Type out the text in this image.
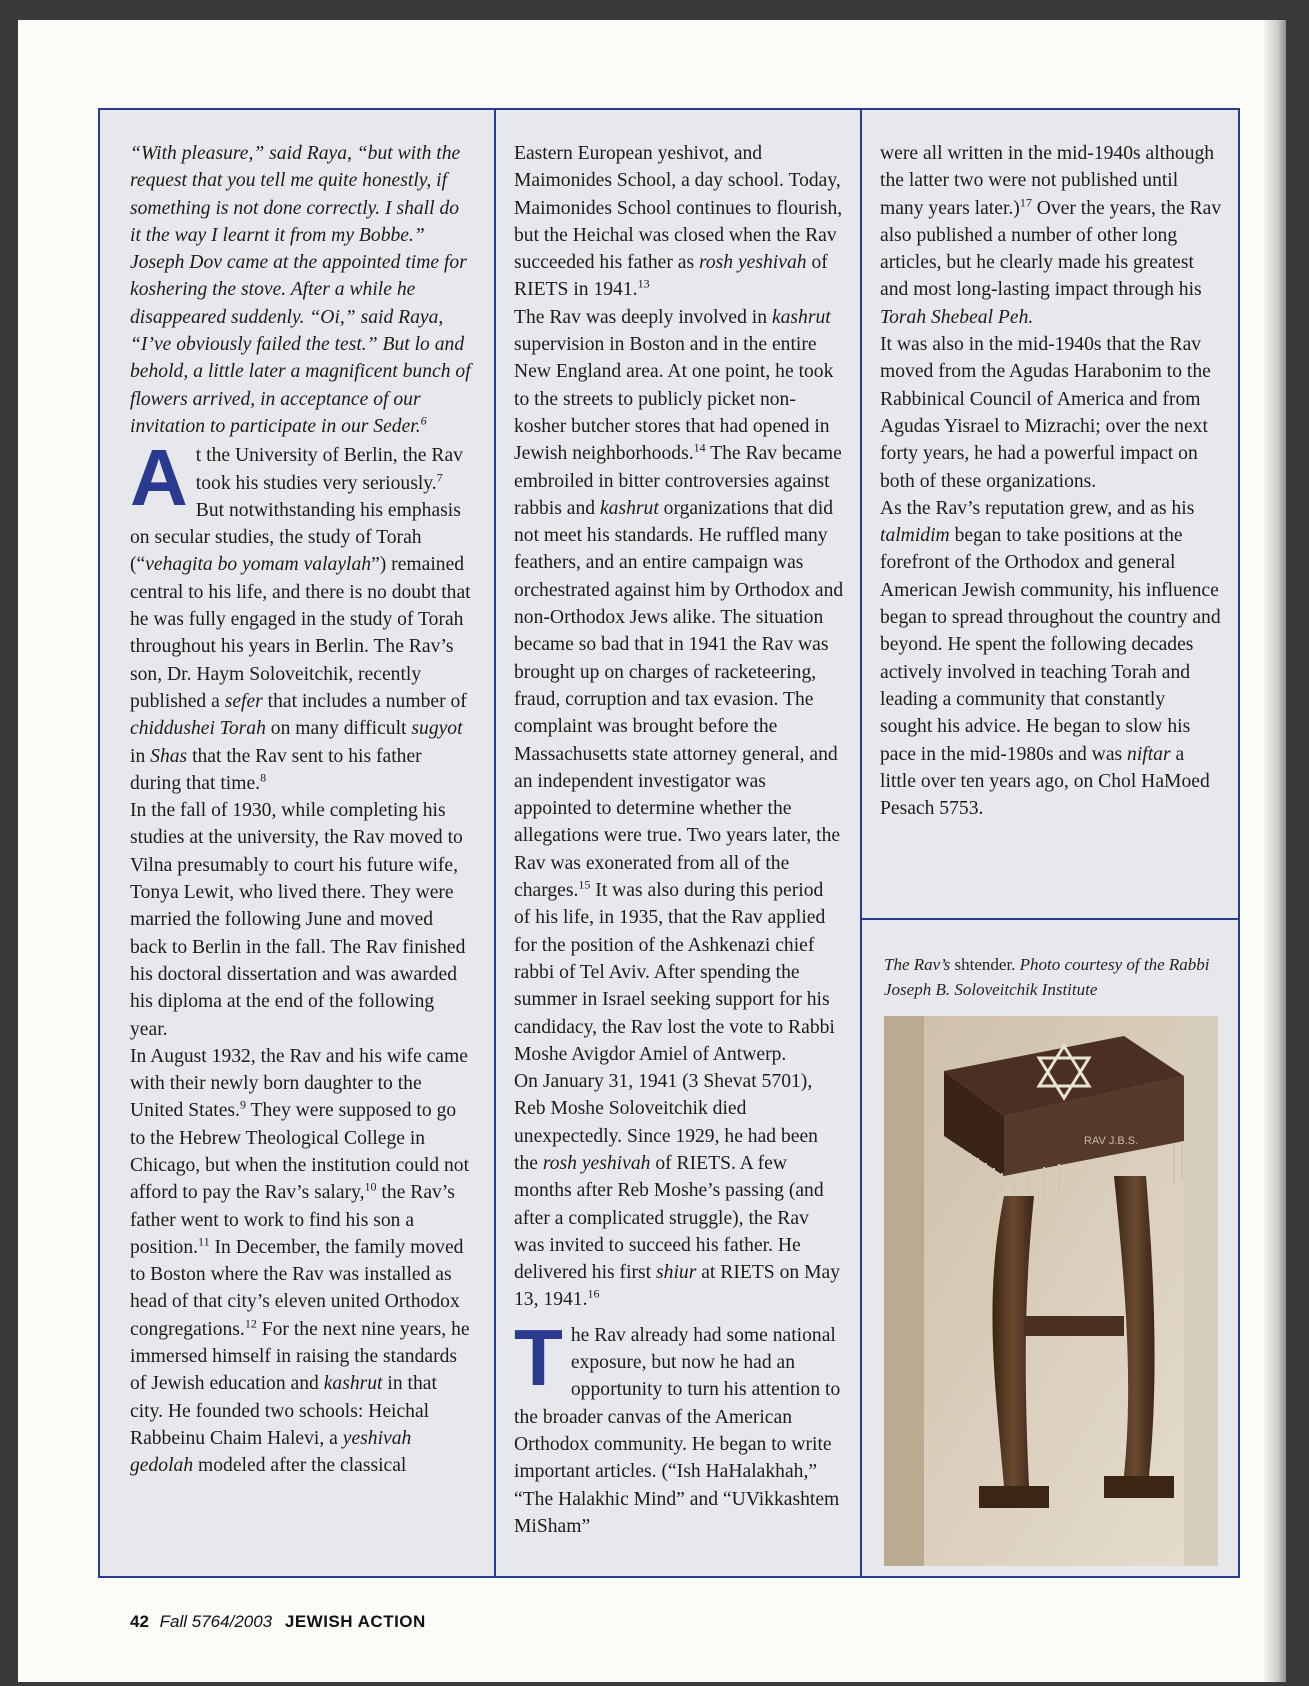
“With pleasure,” said Raya, “but with the request that you tell me quite honestly, if something is not done correctly. I shall do it the way I learnt it from my Bobbe.” Joseph Dov came at the appointed time for koshering the stove. After a while he disappeared suddenly. “Oi,” said Raya, “I’ve obviously failed the test.” But lo and behold, a little later a magnificent bunch of flowers arrived, in acceptance of our invitation to participate in our Seder.$^6$

At the University of Berlin, the Rav took his studies very seriously.$^7$ But notwithstanding his emphasis on secular studies, the study of Torah (“vehagita bo yomam valaylah”) remained central to his life, and there is no doubt that he was fully engaged in the study of Torah throughout his years in Berlin. The Rav’s son, Dr. Haym Soloveitchik, recently published a sefer that includes a number of chiddushei Torah on many difficult sugyot in Shas that the Rav sent to his father during that time.$^8$

In the fall of 1930, while completing his studies at the university, the Rav moved to Vilna presumably to court his future wife, Tonya Lewit, who lived there. They were married the following June and moved back to Berlin in the fall. The Rav finished his doctoral dissertation and was awarded his diploma at the end of the following year.

In August 1932, the Rav and his wife came with their newly born daughter to the United States.$^9$ They were supposed to go to the Hebrew Theological College in Chicago, but when the institution could not afford to pay the Rav’s salary,$^{10}$ the Rav’s father went to work to find his son a position.$^{11}$ In December, the family moved to Boston where the Rav was installed as head of that city’s eleven united Orthodox congregations.$^{12}$ For the next nine years, he immersed himself in raising the standards of Jewish education and kashrut in that city. He founded two schools: Heichal Rabbeinu Chaim Halevi, a yeshivah gedolah modeled after the classical

Eastern European yeshivot, and Maimonides School, a day school. Today, Maimonides School continues to flourish, but the Heichal was closed when the Rav succeeded his father as rosh yeshivah of RIETS in 1941.13

The Rav was deeply involved in kashrut supervision in Boston and in the entire New England area. At one point, he took to the streets to publicly picket non-kosher butcher stores that had opened in Jewish neighborhoods.$^{14}$ The Rav became embroiled in bitter controversies against rabbis and kashrut organizations that did not meet his standards. He ruffled many feathers, and an entire campaign was orchestrated against him by Orthodox and non-Orthodox Jews alike. The situation became so bad that in 1941 the Rav was brought up on charges of racketeering, fraud, corruption and tax evasion. The complaint was brought before the Massachusetts state attorney general, and an independent investigator was appointed to determine whether the allegations were true. Two years later, the Rav was exonerated from all of the charges.$^{15}$ It was also during this period of his life, in 1935, that the Rav applied for the position of the Ashkenazi chief rabbi of Tel Aviv. After spending the summer in Israel seeking support for his candidacy, the Rav lost the vote to Rabbi Moshe Avigdor Amiel of Antwerp.

On January 31, 1941 (3 Shevat 5701), Reb Moshe Soloveitchik died unexpectedly. Since 1929, he had been the rosh yeshivah of RIETS. A few months after Reb Moshe’s passing (and after a complicated struggle), the Rav was invited to succeed his father. He delivered his first shiur at RIETS on May 13, 1941.16

The Rav already had some national exposure, but now he had an opportunity to turn his attention to the broader canvas of the American Orthodox community. He began to write important articles. (“Ish HaHalakhah,” “The Halakhic Mind” and “UVikkashtem MiSham”

were all written in the mid-1940s although the latter two were not published until many years later.)$^{17}$ Over the years, the Rav also published a number of other long articles, but he clearly made his greatest and most long-lasting impact through his Torah Shebeal Peh.

It was also in the mid-1940s that the Rav moved from the Agudas Harabonim to the Rabbinical Council of America and from Agudas Yisrael to Mizrachi; over the next forty years, he had a powerful impact on both of these organizations.

As the Rav’s reputation grew, and as his talmidim began to take positions at the forefront of the Orthodox and general American Jewish community, his influence began to spread throughout the country and beyond. He spent the following decades actively involved in teaching Torah and leading a community that constantly sought his advice. He began to slow his pace in the mid-1980s and was niftar a little over ten years ago, on Chol HaMoed Pesach 5753.

The Rav’s shtender. Photo courtesy of the Rabbi Joseph B. Soloveitchik Institute
RAV J.B.S.
42 Fall 5764/2003 JEWISH ACTION
